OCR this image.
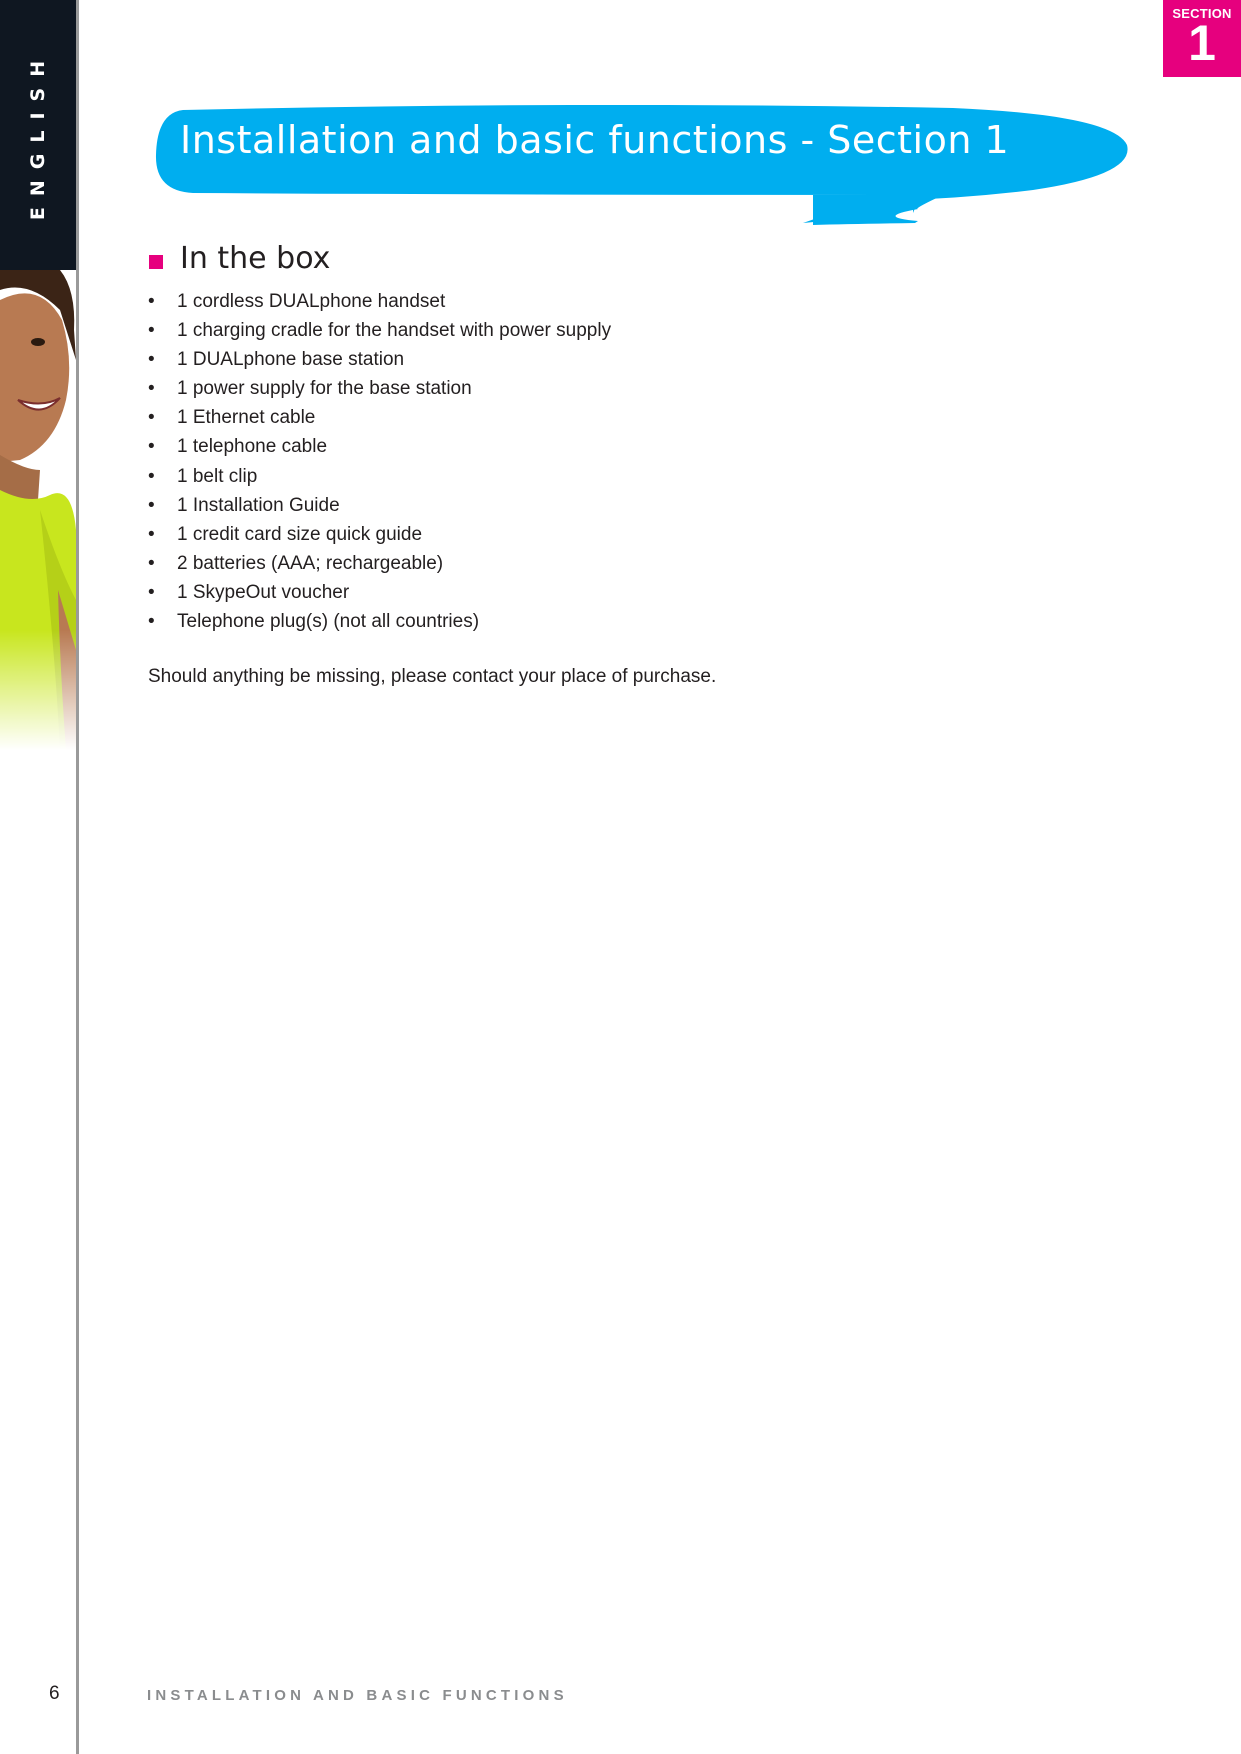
ENGLISH
SECTION
1
Installation and basic functions - Section 1
In the box
• 1 cordless DUALphone handset
• 1 charging cradle for the handset with power supply
• 1 DUALphone base station
• 1 power supply for the base station
• 1 Ethernet cable
• 1 telephone cable
• 1 belt clip
• 1 Installation Guide
• 1 credit card size quick guide
• 2 batteries (AAA; rechargeable)
• 1 SkypeOut voucher
• Telephone plug(s) (not all countries)
Should anything be missing, please contact your place of purchase.
6	INSTALLATION AND BASIC FUNCTIONS
